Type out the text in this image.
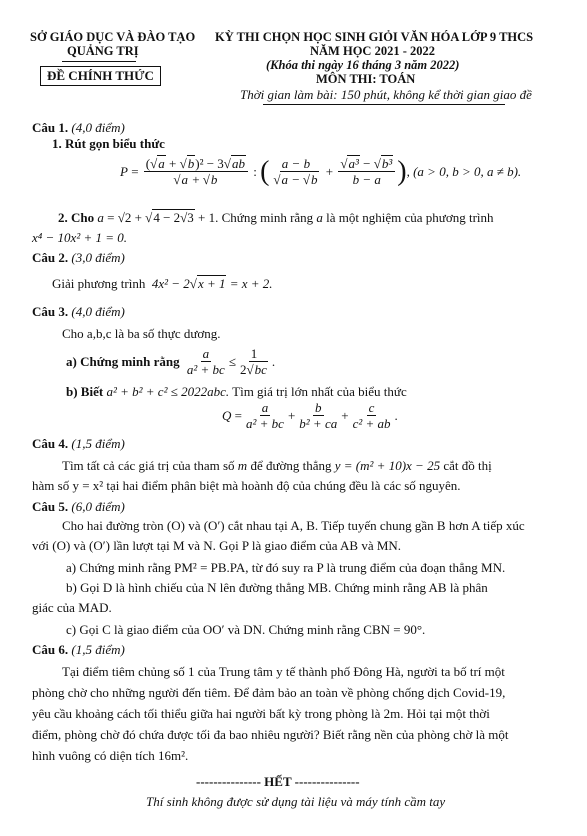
SỞ GIÁO DỤC VÀ ĐÀO TẠO
QUẢNG TRỊ
ĐỀ CHÍNH THỨC
KỲ THI CHỌN HỌC SINH GIỎI VĂN HÓA LỚP 9 THCS
NĂM HỌC 2021 - 2022
(Khóa thi ngày 16 tháng 3 năm 2022)
MÔN THI: TOÁN
Thời gian làm bài: 150 phút, không kể thời gian giao đề
Câu 1. (4,0 điểm)
1. Rút gọn biểu thức
$P = \frac{\text{(√a + √b)² − 3√ab}}{√a + √b}$ : ( $\frac{a - b}{√a - √b} + \frac{\text{√a³ − √b³}}{b - a}$ ) , (a > 0, b > 0, a ≠ b).
2. Cho a = √2 + √4 − 2√3 + 1. Chứng minh rằng a là một nghiệm của phương trình
x⁴ − 10x² + 1 = 0.
Câu 2. (3,0 điểm)
Giải phương trình 4x² − 2√x + 1 = x + 2.
Câu 3. (4,0 điểm)
Cho a,b,c là ba số thực dương.
a) Chứng minh rằng
$\frac{a}{\text{a² + bc}} \le \frac{1}{2√bc}$ .
b) Biết a² + b² + c² ≤ 2022abc. Tìm giá trị lớn nhất của biểu thức
$Q = \frac{a}{\text{a² + bc}} + \frac{b}{\text{b² + ca}} + \frac{c}{\text{c² + ab}}$ .
Câu 4. (1,5 điểm)
Tìm tất cả các giá trị của tham số m để đường thẳng y = (m² + 10)x − 25 cắt đồ thị
hàm số y = x² tại hai điểm phân biệt mà hoành độ của chúng đều là các số nguyên.
Câu 5. (6,0 điểm)
Cho hai đường tròn (O) và (O′) cắt nhau tại A, B. Tiếp tuyến chung gần B hơn A tiếp xúc
với (O) và (O′) lần lượt tại M và N. Gọi P là giao điểm của AB và MN.
a) Chứng minh rằng PM² = PB.PA, từ đó suy ra P là trung điểm của đoạn thẳng MN.
b) Gọi D là hình chiếu của N lên đường thẳng MB. Chứng minh rằng AB là phân
giác của MAD.
c) Gọi C là giao điểm của OO′ và DN. Chứng minh rằng CBN = 90°.
Câu 6. (1,5 điểm)
Tại điểm tiêm chủng số 1 của Trung tâm y tế thành phố Đông Hà, người ta bố trí một
phòng chờ cho những người đến tiêm. Để đảm bảo an toàn về phòng chống dịch Covid-19,
yêu cầu khoảng cách tối thiểu giữa hai người bất kỳ trong phòng là 2m. Hỏi tại một thời
điểm, phòng chờ đó chứa được tối đa bao nhiêu người? Biết rằng nền của phòng chờ là một
hình vuông có diện tích 16m².
--------------- HẾT ---------------
Thí sinh không được sử dụng tài liệu và máy tính cầm tay
